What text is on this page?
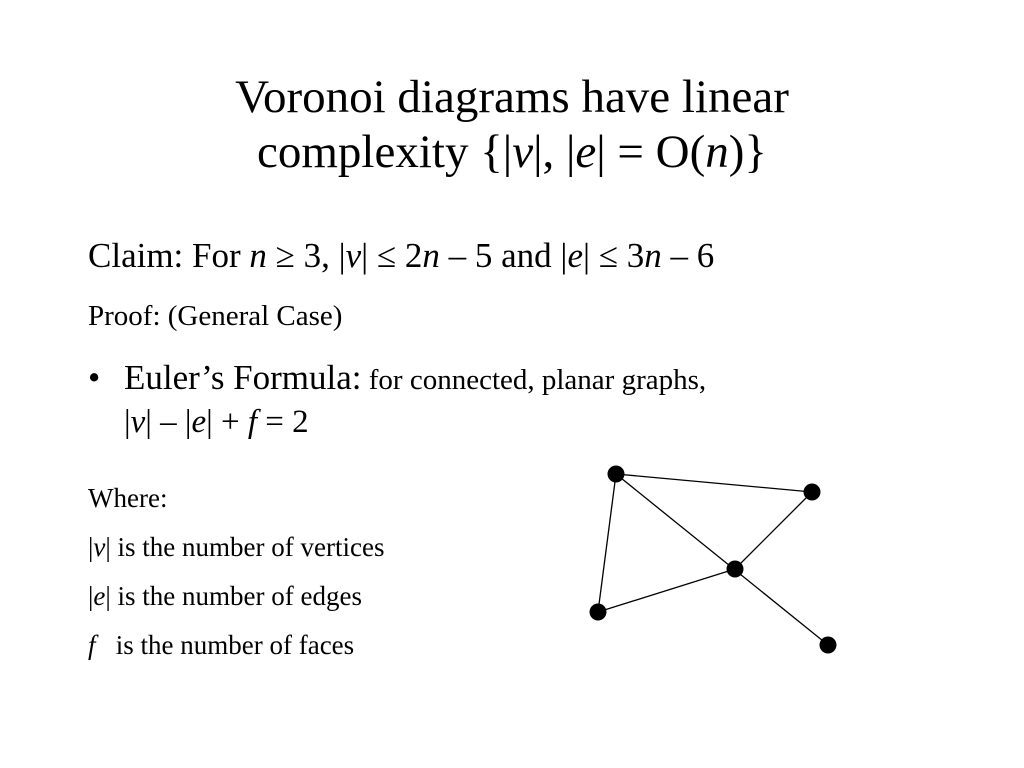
Voronoi diagrams have linear
complexity {|v|, |e| = O(n)}
Claim: For n ≥ 3, |v| ≤ 2n – 5 and |e| ≤ 3n – 6
Proof: (General Case)
• Euler’s Formula: for connected, planar graphs,
|v| – |e| + f = 2
Where:
|v| is the number of vertices
|e| is the number of edges
f   is the number of faces
